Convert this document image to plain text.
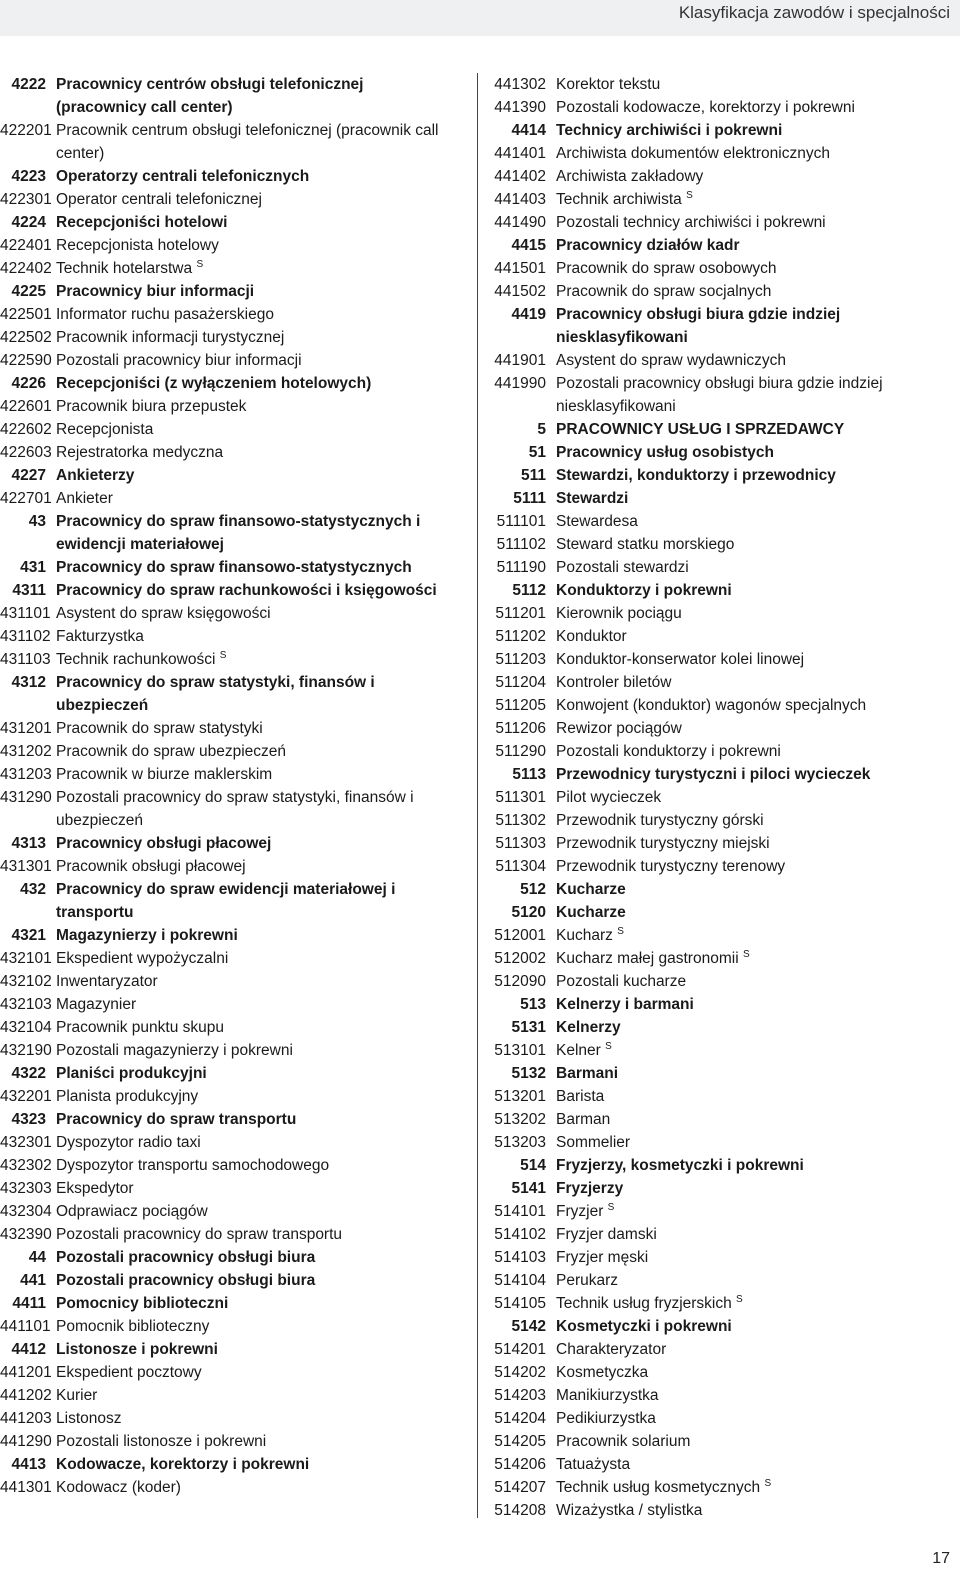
Klasyfikacja zawodów i specjalności
4222 Pracownicy centrów obsługi telefonicznej (pracownicy call center)
422201 Pracownik centrum obsługi telefonicznej (pracownik call center)
4223 Operatorzy centrali telefonicznych
422301 Operator centrali telefonicznej
4224 Recepcjoniści hotelowi
422401 Recepcjonista hotelowy
422402 Technik hotelarstwa $^S$
4225 Pracownicy biur informacji
422501 Informator ruchu pasażerskiego
422502 Pracownik informacji turystycznej
422590 Pozostali pracownicy biur informacji
4226 Recepcjoniści (z wyłączeniem hotelowych)
422601 Pracownik biura przepustek
422602 Recepcjonista
422603 Rejestratorka medyczna
4227 Ankieterzy
422701 Ankieter
43 Pracownicy do spraw finansowo-statystycznych i ewidencji materiałowej
431 Pracownicy do spraw finansowo-statystycznych
4311 Pracownicy do spraw rachunkowości i księgowości
431101 Asystent do spraw księgowości
431102 Fakturzystka
431103 Technik rachunkowości $^S$
4312 Pracownicy do spraw statystyki, finansów i ubezpieczeń
431201 Pracownik do spraw statystyki
431202 Pracownik do spraw ubezpieczeń
431203 Pracownik w biurze maklerskim
431290 Pozostali pracownicy do spraw statystyki, finansów i ubezpieczeń
4313 Pracownicy obsługi płacowej
431301 Pracownik obsługi płacowej
432 Pracownicy do spraw ewidencji materiałowej i transportu
4321 Magazynierzy i pokrewni
432101 Ekspedient wypożyczalni
432102 Inwentaryzator
432103 Magazynier
432104 Pracownik punktu skupu
432190 Pozostali magazynierzy i pokrewni
4322 Planiści produkcyjni
432201 Planista produkcyjny
4323 Pracownicy do spraw transportu
432301 Dyspozytor radio taxi
432302 Dyspozytor transportu samochodowego
432303 Ekspedytor
432304 Odprawiacz pociągów
432390 Pozostali pracownicy do spraw transportu
44 Pozostali pracownicy obsługi biura
441 Pozostali pracownicy obsługi biura
4411 Pomocnicy biblioteczni
441101 Pomocnik biblioteczny
4412 Listonosze i pokrewni
441201 Ekspedient pocztowy
441202 Kurier
441203 Listonosz
441290 Pozostali listonosze i pokrewni
4413 Kodowacze, korektorzy i pokrewni
441301 Kodowacz (koder)
441302 Korektor tekstu
441390 Pozostali kodowacze, korektorzy i pokrewni
4414 Technicy archiwiści i pokrewni
441401 Archiwista dokumentów elektronicznych
441402 Archiwista zakładowy
441403 Technik archiwista $^S$
441490 Pozostali technicy archiwiści i pokrewni
4415 Pracownicy działów kadr
441501 Pracownik do spraw osobowych
441502 Pracownik do spraw socjalnych
4419 Pracownicy obsługi biura gdzie indziej niesklasyfikowani
441901 Asystent do spraw wydawniczych
441990 Pozostali pracownicy obsługi biura gdzie indziej niesklasyfikowani
5 PRACOWNICY USŁUG I SPRZEDAWCY
51 Pracownicy usług osobistych
511 Stewardzi, konduktorzy i przewodnicy
5111 Stewardzi
511101 Stewardesa
511102 Steward statku morskiego
511190 Pozostali stewardzi
5112 Konduktorzy i pokrewni
511201 Kierownik pociągu
511202 Konduktor
511203 Konduktor-konserwator kolei linowej
511204 Kontroler biletów
511205 Konwojent (konduktor) wagonów specjalnych
511206 Rewizor pociągów
511290 Pozostali konduktorzy i pokrewni
5113 Przewodnicy turystyczni i piloci wycieczek
511301 Pilot wycieczek
511302 Przewodnik turystyczny górski
511303 Przewodnik turystyczny miejski
511304 Przewodnik turystyczny terenowy
512 Kucharze
5120 Kucharze
512001 Kucharz $^S$
512002 Kucharz małej gastronomii $^S$
512090 Pozostali kucharze
513 Kelnerzy i barmani
5131 Kelnerzy
513101 Kelner $^S$
5132 Barmani
513201 Barista
513202 Barman
513203 Sommelier
514 Fryzjerzy, kosmetyczki i pokrewni
5141 Fryzjerzy
514101 Fryzjer $^S$
514102 Fryzjer damski
514103 Fryzjer męski
514104 Perukarz
514105 Technik usług fryzjerskich $^S$
5142 Kosmetyczki i pokrewni
514201 Charakteryzator
514202 Kosmetyczka
514203 Manikiurzystka
514204 Pedikiurzystka
514205 Pracownik solarium
514206 Tatuażysta
514207 Technik usług kosmetycznych $^S$
514208 Wizażystka / stylistka
17
